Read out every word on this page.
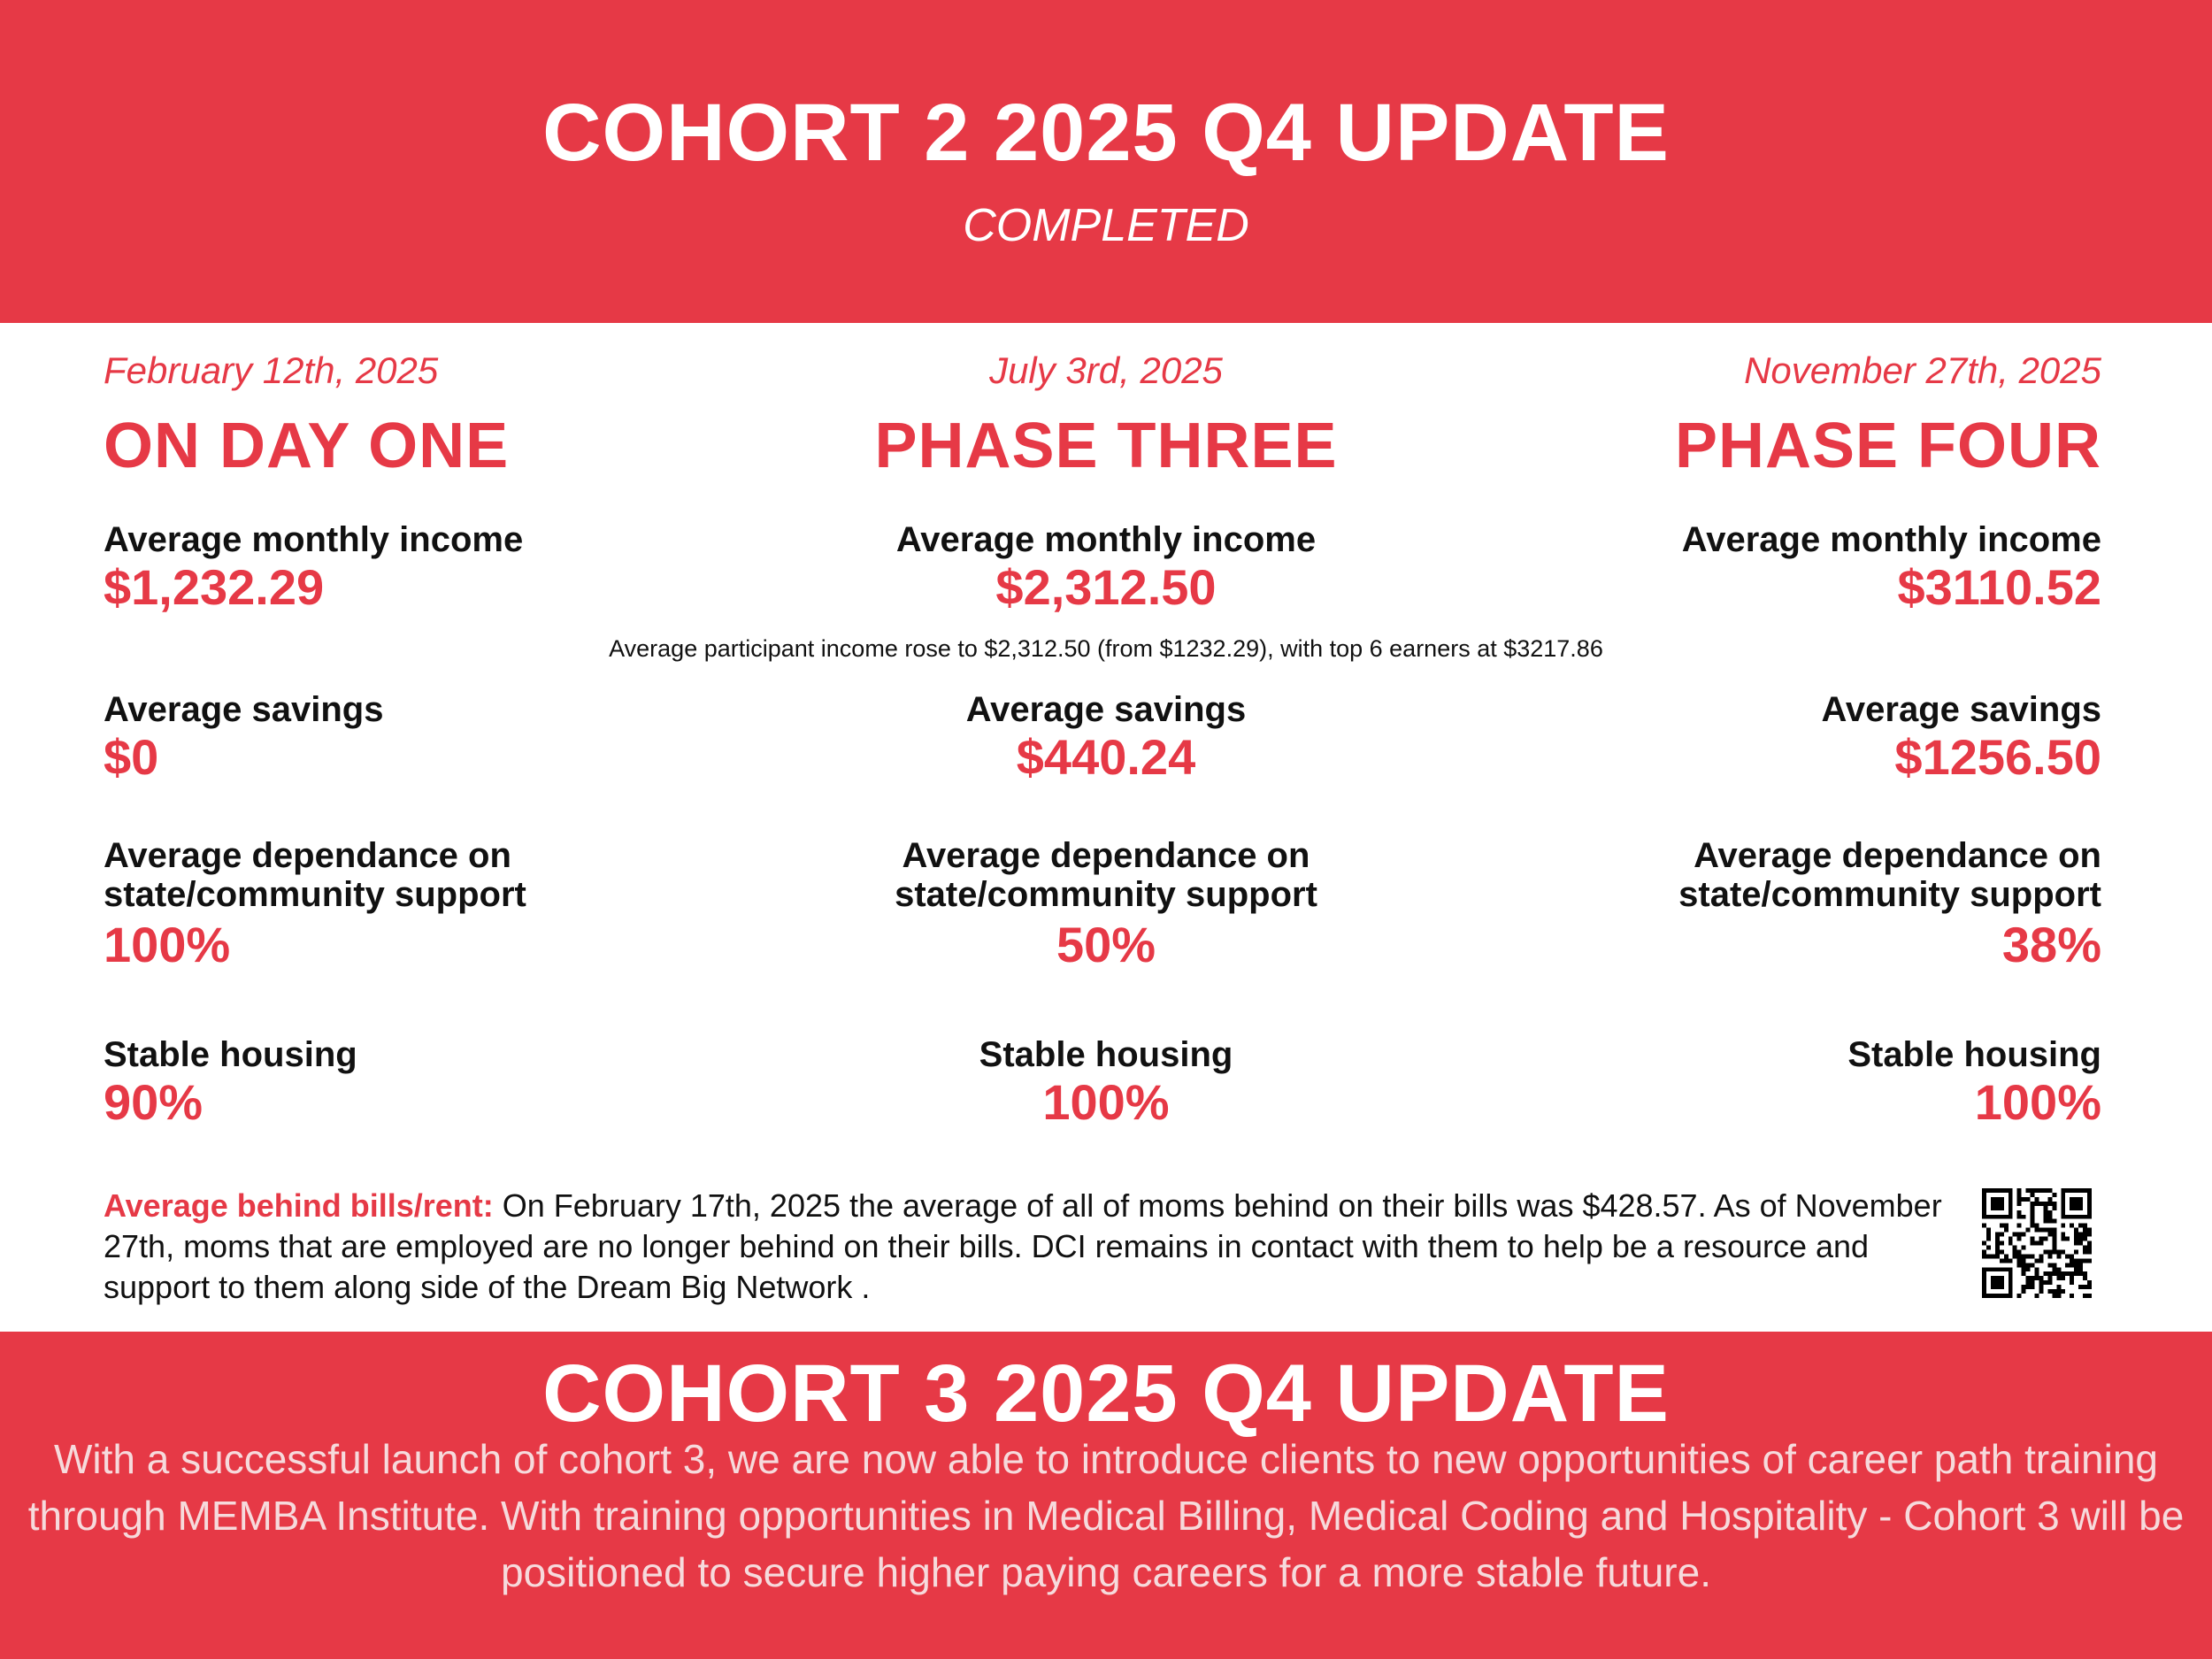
COHORT 2 2025 Q4 UPDATE
COMPLETED
February 12th, 2025
ON DAY ONE
Average monthly income
$1,232.29
Average savings
$0
Average dependance on
state/community support
100%
Stable housing
90%
July 3rd, 2025
PHASE THREE
Average monthly income
$2,312.50
Average savings
$440.24
Average dependance on
state/community support
50%
Stable housing
100%
November 27th, 2025
PHASE FOUR
Average monthly income
$3110.52
Average savings
$1256.50
Average dependance on
state/community support
38%
Stable housing
100%
Average participant income rose to $2,312.50 (from $1232.29), with top 6 earners at $3217.86
Average behind bills/rent: On February 17th, 2025 the average of all of moms behind on their bills was $428.57. As of November 27th, moms that are employed are no longer behind on their bills. DCI remains in contact with them to help be a resource and support to them along side of the Dream Big Network .
COHORT 3 2025 Q4 UPDATE
With a successful launch of cohort 3, we are now able to introduce clients to new opportunities of career path training through MEMBA Institute. With training opportunities in Medical Billing, Medical Coding and Hospitality - Cohort 3 will be positioned to secure higher paying careers for a more stable future.
